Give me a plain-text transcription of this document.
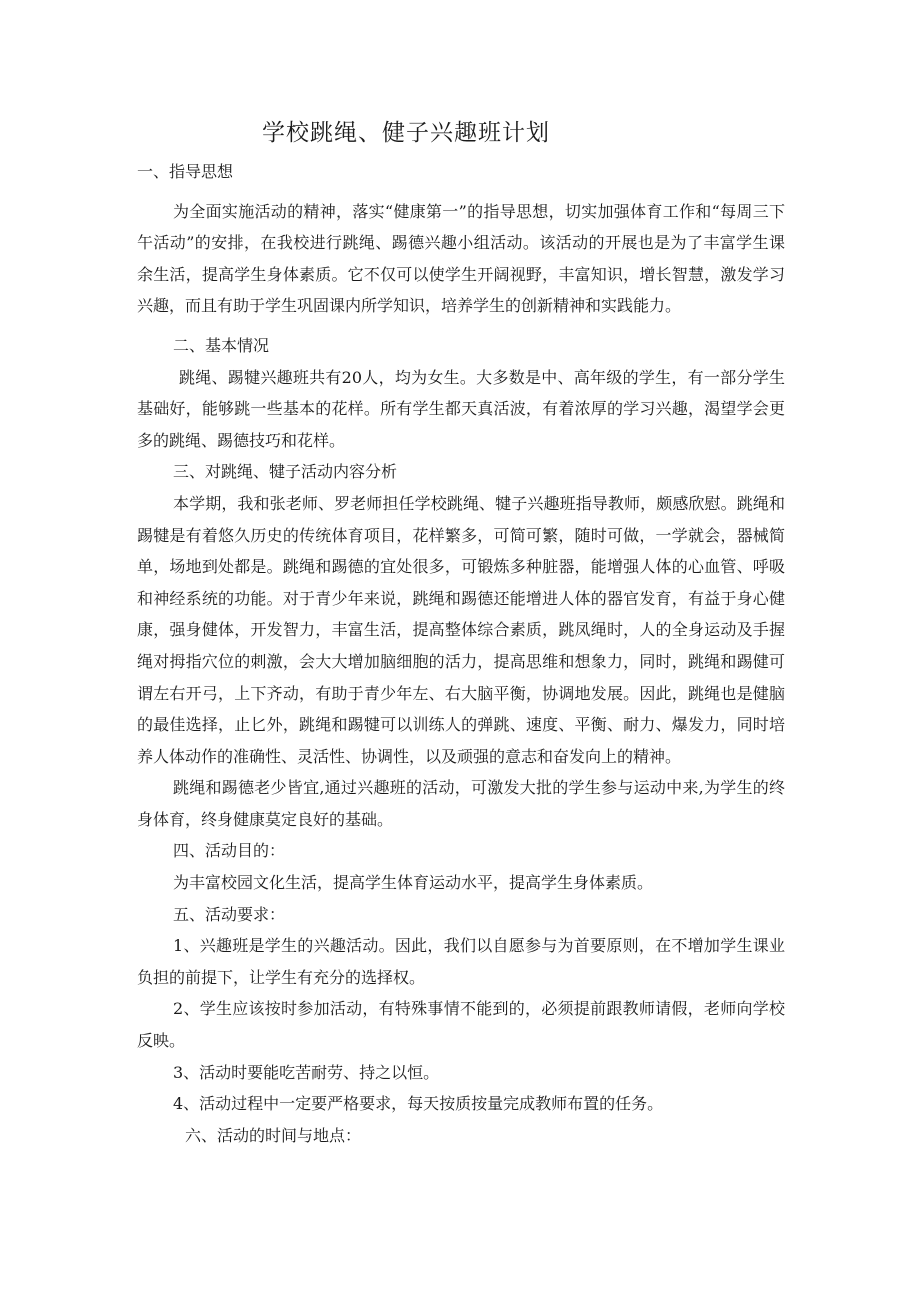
学校跳绳、健子兴趣班计划

一、指导思想

为全面实施活动的精神，落实“健康第一”的指导思想，切实加强体育工作和“每周三下午活动”的安排，在我校进行跳绳、踢德兴趣小组活动。该活动的开展也是为了丰富学生课余生活，提高学生身体素质。它不仅可以使学生开阔视野，丰富知识，增长智慧，激发学习兴趣，而且有助于学生巩固课内所学知识，培养学生的创新精神和实践能力。

二、基本情况

跳绳、踢犍兴趣班共有20人，均为女生。大多数是中、高年级的学生，有一部分学生基础好，能够跳一些基本的花样。所有学生都天真活波，有着浓厚的学习兴趣，渴望学会更多的跳绳、踢德技巧和花样。

三、对跳绳、犍子活动内容分析

本学期，我和张老师、罗老师担任学校跳绳、犍子兴趣班指导教师，颇感欣慰。跳绳和踢犍是有着悠久历史的传统体育项目，花样繁多，可简可繁，随时可做，一学就会，器械简单，场地到处都是。跳绳和踢德的宜处很多，可锻炼多种脏器，能增强人体的心血管、呼吸和神经系统的功能。对于青少年来说，跳绳和踢德还能增进人体的器官发育，有益于身心健康，强身健体，开发智力，丰富生活，提高整体综合素质，跳凤绳时，人的全身运动及手握绳对拇指穴位的刺激，会大大增加脑细胞的活力，提高思维和想象力，同时，跳绳和踢健可谓左右开弓，上下齐动，有助于青少年左、右大脑平衡，协调地发展。因此，跳绳也是健脑的最佳选择，止匕外，跳绳和踢犍可以训练人的弹跳、速度、平衡、耐力、爆发力，同时培养人体动作的准确性、灵活性、协调性，以及顽强的意志和奋发向上的精神。

跳绳和踢德老少皆宜,通过兴趣班的活动，可激发大批的学生参与运动中来,为学生的终身体育，终身健康莫定良好的基础。

四、活动目的：

为丰富校园文化生活，提高学生体育运动水平，提高学生身体素质。

五、活动要求：

1、兴趣班是学生的兴趣活动。因此，我们以自愿参与为首要原则，在不增加学生课业负担的前提下，让学生有充分的选择权。

2、学生应该按时参加活动，有特殊事情不能到的，必须提前跟教师请假，老师向学校反映。

3、活动时要能吃苦耐劳、持之以恒。

4、活动过程中一定要严格要求，每天按质按量完成教师布置的任务。

六、活动的时间与地点：
